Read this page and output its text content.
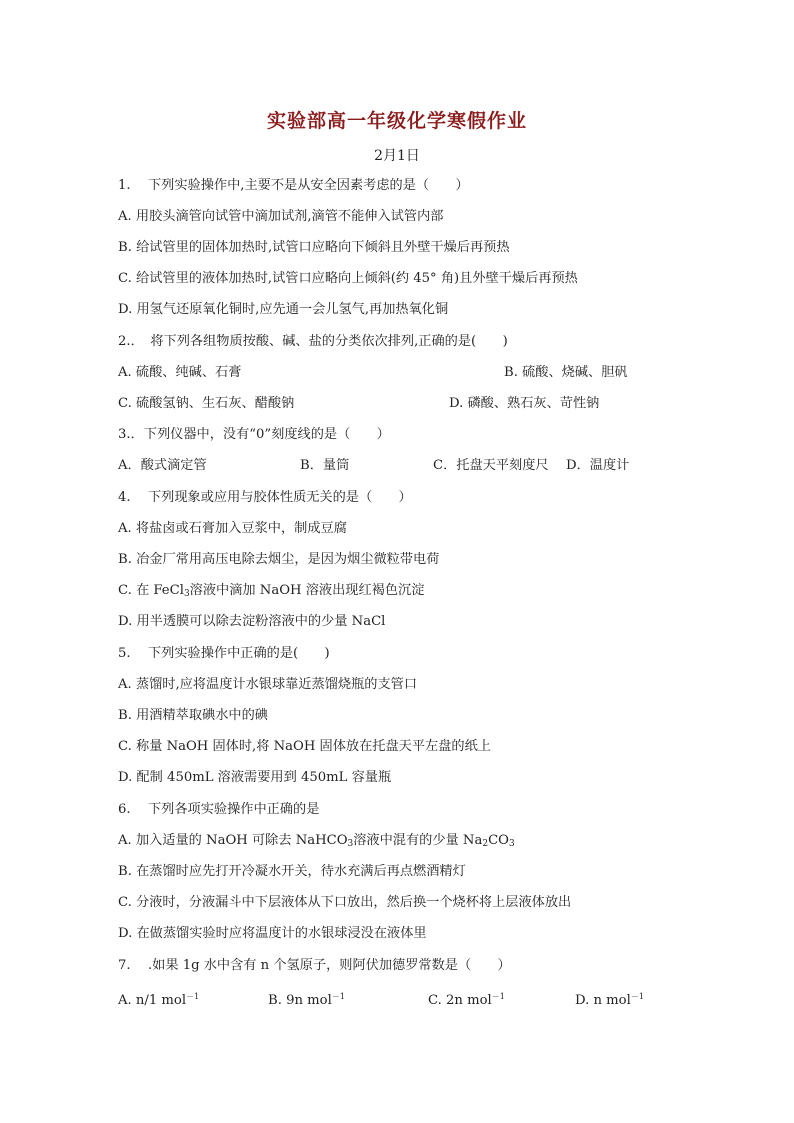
实验部高一年级化学寒假作业
2月1日
1.　 下列实验操作中,主要不是从安全因素考虑的是（　　）
A. 用胶头滴管向试管中滴加试剂,滴管不能伸入试管内部
B. 给试管里的固体加热时,试管口应略向下倾斜且外壁干燥后再预热
C. 给试管里的液体加热时,试管口应略向上倾斜(约 45° 角)且外壁干燥后再预热
D. 用氢气还原氧化铜时,应先通一会儿氢气,再加热氧化铜
2.．　将下列各组物质按酸、碱、盐的分类依次排列,正确的是(　　)
A. 硫酸、纯碱、石膏	B. 硫酸、烧碱、胆矾
C. 硫酸氢钠、生石灰、醋酸钠	D. 磷酸、熟石灰、苛性钠
3.．下列仪器中，没有“0”刻度线的是（　　）
A．酸式滴定管	B．量筒	C．托盘天平刻度尺 D．温度计
4.　 下列现象或应用与胶体性质无关的是（　　）
A. 将盐卤或石膏加入豆浆中，制成豆腐
B. 冶金厂常用高压电除去烟尘，是因为烟尘微粒带电荷
C. 在 FeCl$_3$溶液中滴加 NaOH 溶液出现红褐色沉淀
D. 用半透膜可以除去淀粉溶液中的少量 NaCl
5.　 下列实验操作中正确的是(　　)
A. 蒸馏时,应将温度计水银球靠近蒸馏烧瓶的支管口
B. 用酒精萃取碘水中的碘
C. 称量 NaOH 固体时,将 NaOH 固体放在托盘天平左盘的纸上
D. 配制 450mL 溶液需要用到 450mL 容量瓶
6.　 下列各项实验操作中正确的是
A. 加入适量的 NaOH 可除去 NaHCO$_3$溶液中混有的少量 $Na_2CO_3$
B. 在蒸馏时应先打开冷凝水开关，待水充满后再点燃酒精灯
C. 分液时，分液漏斗中下层液体从下口放出，然后换一个烧杯将上层液体放出
D. 在做蒸馏实验时应将温度计的水银球浸没在液体里
7.　 .如果 1g 水中含有 n 个氢原子，则阿伏加德罗常数是（　　）
A. n/1 mol$^{-1}$	B. 9n mol$^{-1}$	C. 2n mol$^{-1}$	D. n mol$^{-1}$
